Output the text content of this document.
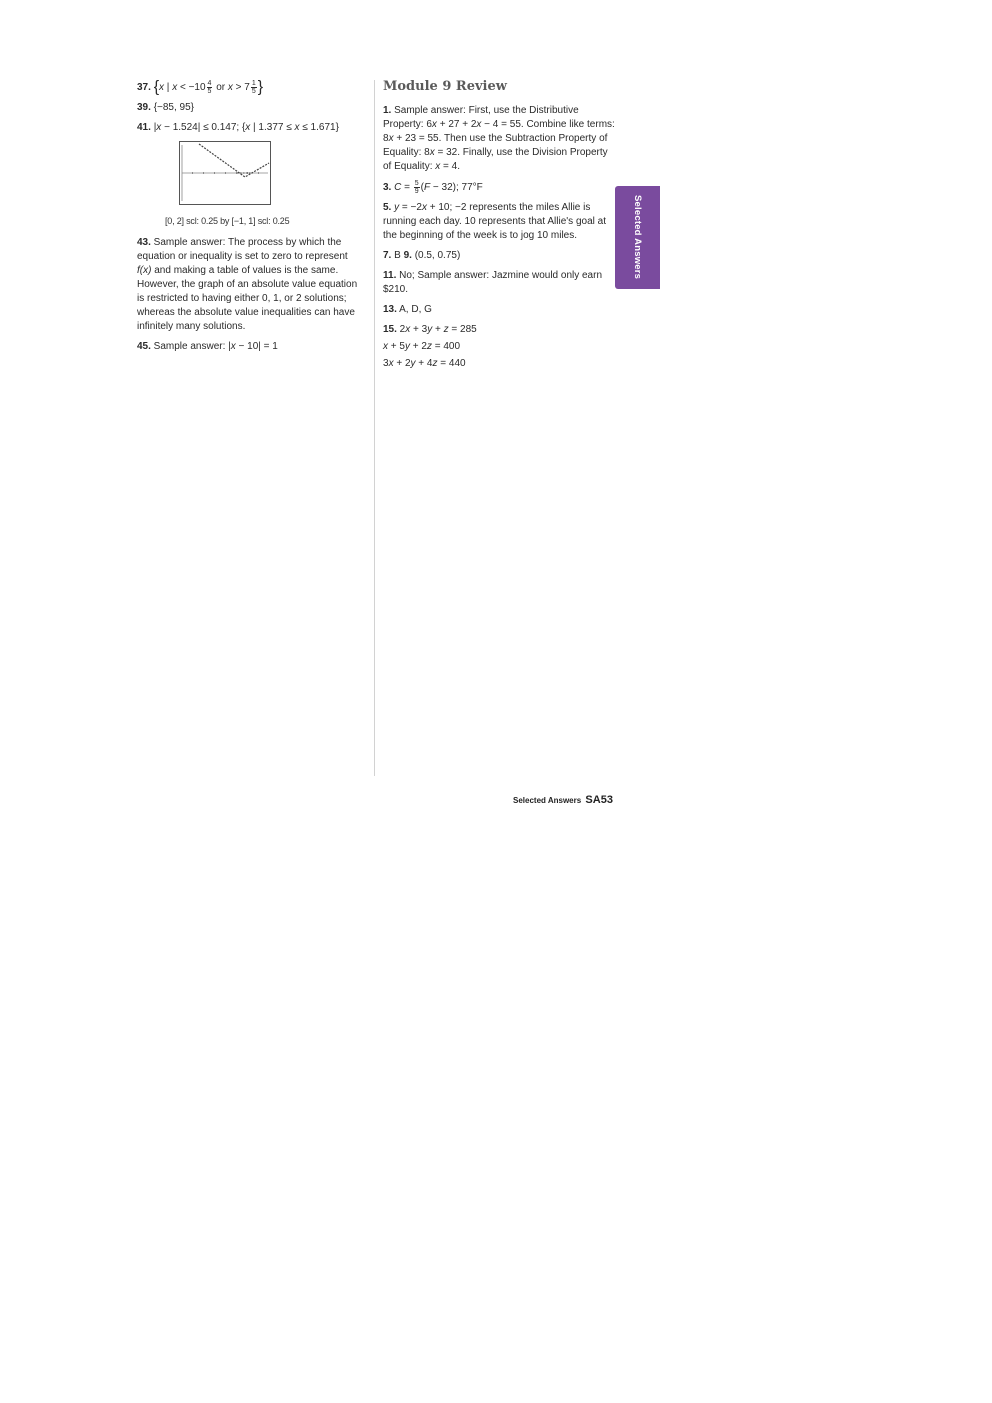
37. {x | $x < -10 \frac{4}{5}$ or $x > 7 \frac{1}{5}$ }
39. {−85, 95}
41. |x − 1.524| ≤ 0.147; {x | 1.377 ≤ x ≤ 1.671}
[0, 2] scl: 0.25 by [−1, 1] scl: 0.25
43. Sample answer: The process by which the equation or inequality is set to zero to represent f(x) and making a table of values is the same. However, the graph of an absolute value equation is restricted to having either 0, 1, or 2 solutions; whereas the absolute value inequalities can have infinitely many solutions.
45. Sample answer: |x − 10| = 1
Module 9 Review
1. Sample answer: First, use the Distributive Property: 6x + 27 + 2x − 4 = 55. Combine like terms: 8x + 23 = 55. Then use the Subtraction Property of Equality: 8x = 32. Finally, use the Division Property of Equality: x = 4.
3. $C = \frac{5}{9} (F - 32)$; 77°F
5. y = −2x + 10; −2 represents the miles Allie is running each day. 10 represents that Allie's goal at the beginning of the week is to jog 10 miles.
7. B 9. (0.5, 0.75)
11. No; Sample answer: Jazmine would only earn $210.
13. A, D, G
15. 2x + 3y + z = 285
x + 5y + 2z = 400
3x + 2y + 4z = 440
Selected Answers
Selected Answers SA53
